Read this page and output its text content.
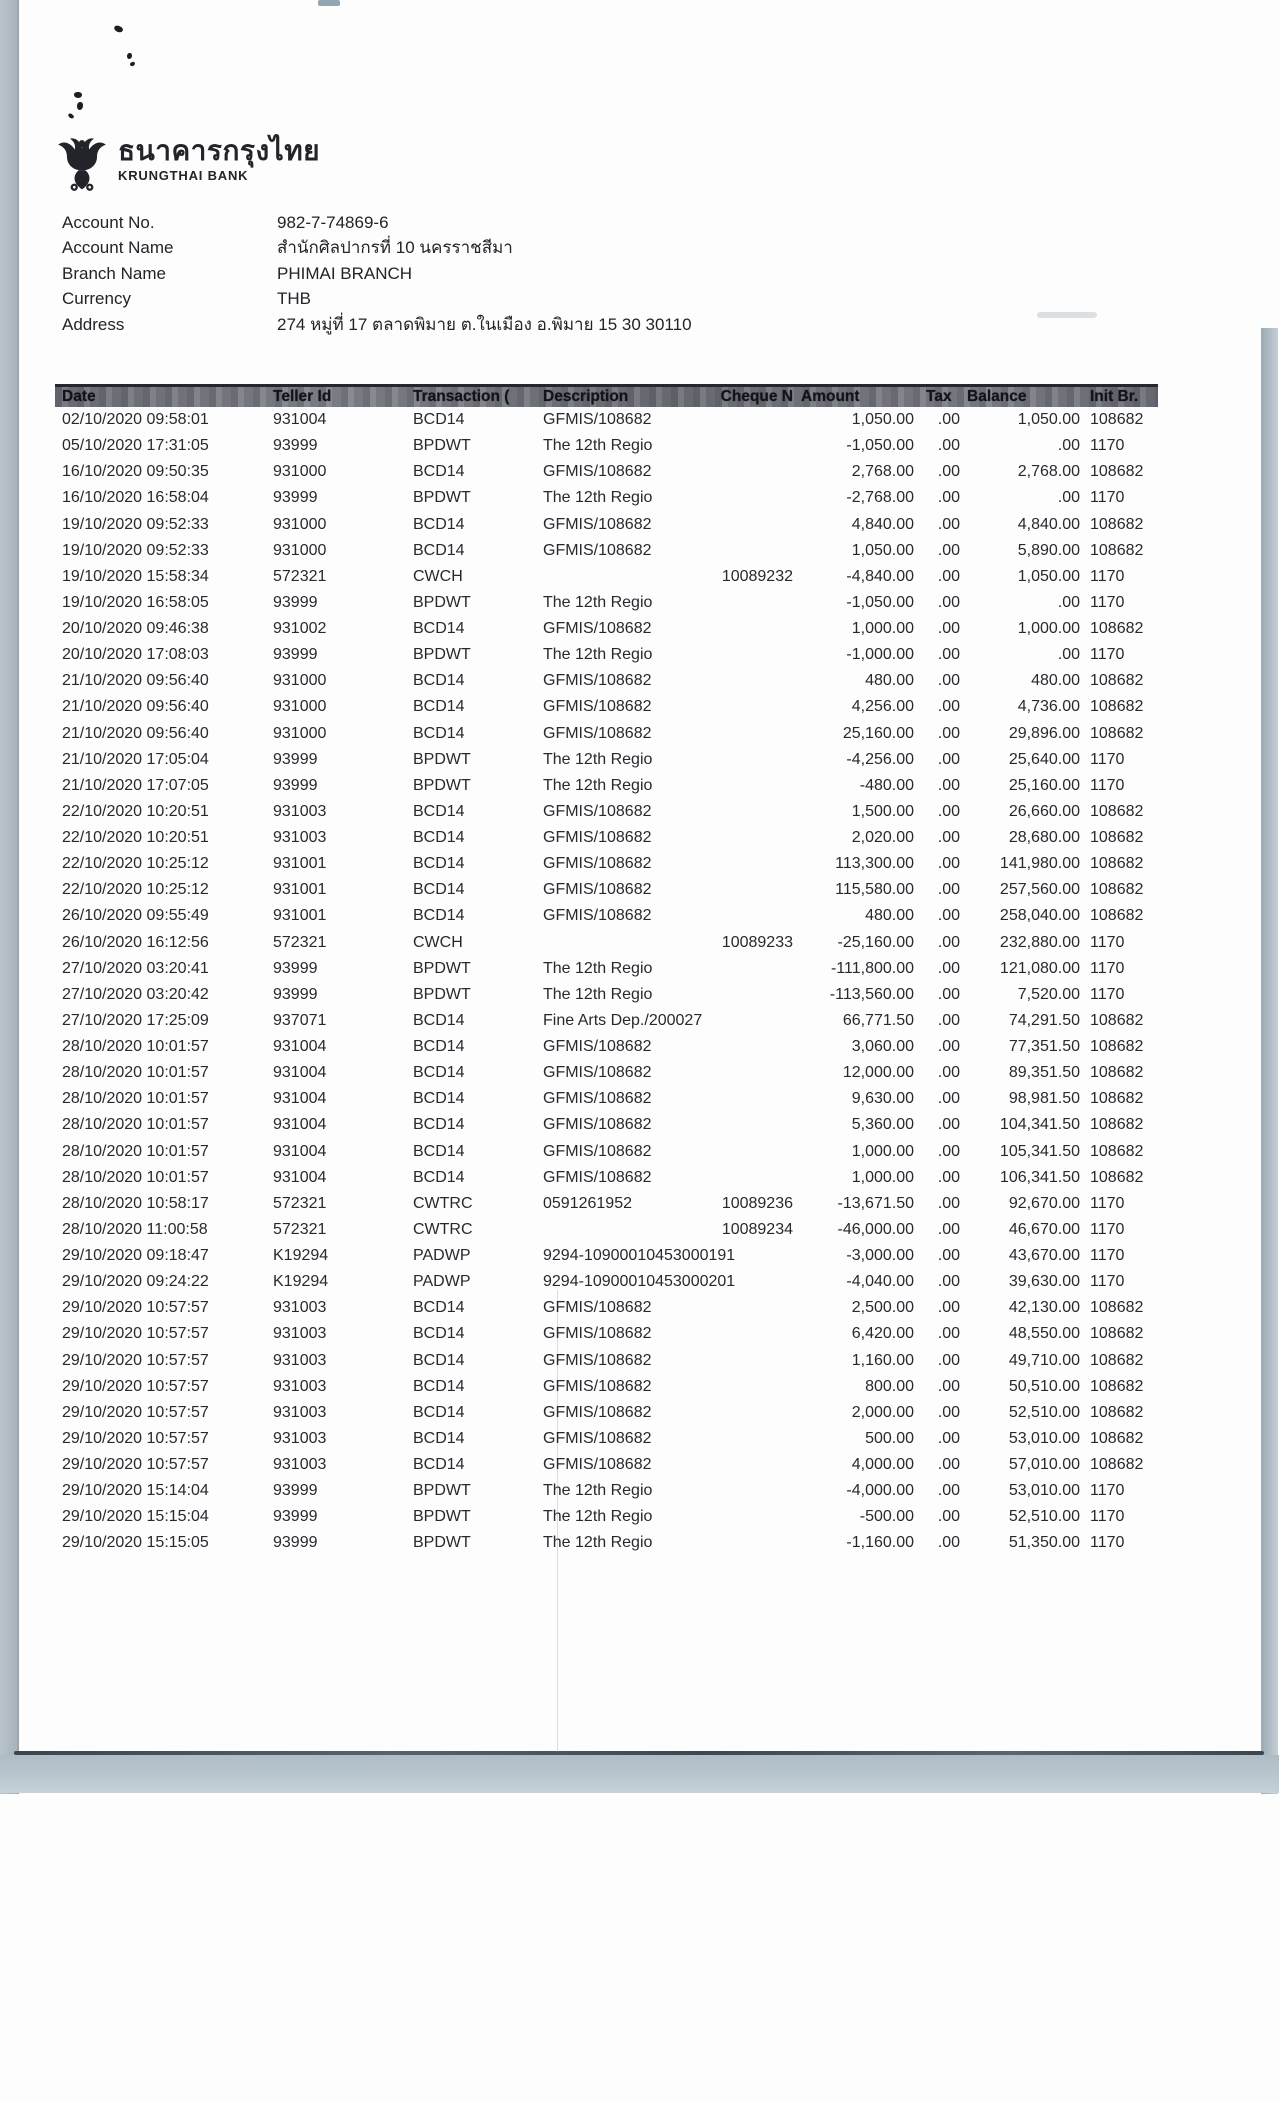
ธนาคารกรุงไทย
KRUNGTHAI BANK
Account No.	982-7-74869-6
Account Name	สำนักศิลปากรที่ 10 นครราชสีมา
Branch Name	PHIMAI BRANCH
Currency	THB
Address	274 หมู่ที่ 17 ตลาดพิมาย ต.ในเมือง อ.พิมาย 15 30 30110
Date	Teller Id	Transaction (	Description	Cheque N	Amount	Tax	Balance	Init Br.
02/10/2020 09:58:01	931004	BCD14	GFMIS/108682		1,050.00	.00	1,050.00	108682
05/10/2020 17:31:05	93999	BPDWT	The 12th Regio		-1,050.00	.00	.00	1170
16/10/2020 09:50:35	931000	BCD14	GFMIS/108682		2,768.00	.00	2,768.00	108682
16/10/2020 16:58:04	93999	BPDWT	The 12th Regio		-2,768.00	.00	.00	1170
19/10/2020 09:52:33	931000	BCD14	GFMIS/108682		4,840.00	.00	4,840.00	108682
19/10/2020 09:52:33	931000	BCD14	GFMIS/108682		1,050.00	.00	5,890.00	108682
19/10/2020 15:58:34	572321	CWCH		10089232	-4,840.00	.00	1,050.00	1170
19/10/2020 16:58:05	93999	BPDWT	The 12th Regio		-1,050.00	.00	.00	1170
20/10/2020 09:46:38	931002	BCD14	GFMIS/108682		1,000.00	.00	1,000.00	108682
20/10/2020 17:08:03	93999	BPDWT	The 12th Regio		-1,000.00	.00	.00	1170
21/10/2020 09:56:40	931000	BCD14	GFMIS/108682		480.00	.00	480.00	108682
21/10/2020 09:56:40	931000	BCD14	GFMIS/108682		4,256.00	.00	4,736.00	108682
21/10/2020 09:56:40	931000	BCD14	GFMIS/108682		25,160.00	.00	29,896.00	108682
21/10/2020 17:05:04	93999	BPDWT	The 12th Regio		-4,256.00	.00	25,640.00	1170
21/10/2020 17:07:05	93999	BPDWT	The 12th Regio		-480.00	.00	25,160.00	1170
22/10/2020 10:20:51	931003	BCD14	GFMIS/108682		1,500.00	.00	26,660.00	108682
22/10/2020 10:20:51	931003	BCD14	GFMIS/108682		2,020.00	.00	28,680.00	108682
22/10/2020 10:25:12	931001	BCD14	GFMIS/108682		113,300.00	.00	141,980.00	108682
22/10/2020 10:25:12	931001	BCD14	GFMIS/108682		115,580.00	.00	257,560.00	108682
26/10/2020 09:55:49	931001	BCD14	GFMIS/108682		480.00	.00	258,040.00	108682
26/10/2020 16:12:56	572321	CWCH		10089233	-25,160.00	.00	232,880.00	1170
27/10/2020 03:20:41	93999	BPDWT	The 12th Regio		-111,800.00	.00	121,080.00	1170
27/10/2020 03:20:42	93999	BPDWT	The 12th Regio		-113,560.00	.00	7,520.00	1170
27/10/2020 17:25:09	937071	BCD14	Fine Arts Dep./200027		66,771.50	.00	74,291.50	108682
28/10/2020 10:01:57	931004	BCD14	GFMIS/108682		3,060.00	.00	77,351.50	108682
28/10/2020 10:01:57	931004	BCD14	GFMIS/108682		12,000.00	.00	89,351.50	108682
28/10/2020 10:01:57	931004	BCD14	GFMIS/108682		9,630.00	.00	98,981.50	108682
28/10/2020 10:01:57	931004	BCD14	GFMIS/108682		5,360.00	.00	104,341.50	108682
28/10/2020 10:01:57	931004	BCD14	GFMIS/108682		1,000.00	.00	105,341.50	108682
28/10/2020 10:01:57	931004	BCD14	GFMIS/108682		1,000.00	.00	106,341.50	108682
28/10/2020 10:58:17	572321	CWTRC	0591261952	10089236	-13,671.50	.00	92,670.00	1170
28/10/2020 11:00:58	572321	CWTRC		10089234	-46,000.00	.00	46,670.00	1170
29/10/2020 09:18:47	K19294	PADWP	9294-10900010453000191		-3,000.00	.00	43,670.00	1170
29/10/2020 09:24:22	K19294	PADWP	9294-10900010453000201		-4,040.00	.00	39,630.00	1170
29/10/2020 10:57:57	931003	BCD14	GFMIS/108682		2,500.00	.00	42,130.00	108682
29/10/2020 10:57:57	931003	BCD14	GFMIS/108682		6,420.00	.00	48,550.00	108682
29/10/2020 10:57:57	931003	BCD14	GFMIS/108682		1,160.00	.00	49,710.00	108682
29/10/2020 10:57:57	931003	BCD14	GFMIS/108682		800.00	.00	50,510.00	108682
29/10/2020 10:57:57	931003	BCD14	GFMIS/108682		2,000.00	.00	52,510.00	108682
29/10/2020 10:57:57	931003	BCD14	GFMIS/108682		500.00	.00	53,010.00	108682
29/10/2020 10:57:57	931003	BCD14	GFMIS/108682		4,000.00	.00	57,010.00	108682
29/10/2020 15:14:04	93999	BPDWT	The 12th Regio		-4,000.00	.00	53,010.00	1170
29/10/2020 15:15:04	93999	BPDWT	The 12th Regio		-500.00	.00	52,510.00	1170
29/10/2020 15:15:05	93999	BPDWT	The 12th Regio		-1,160.00	.00	51,350.00	1170
